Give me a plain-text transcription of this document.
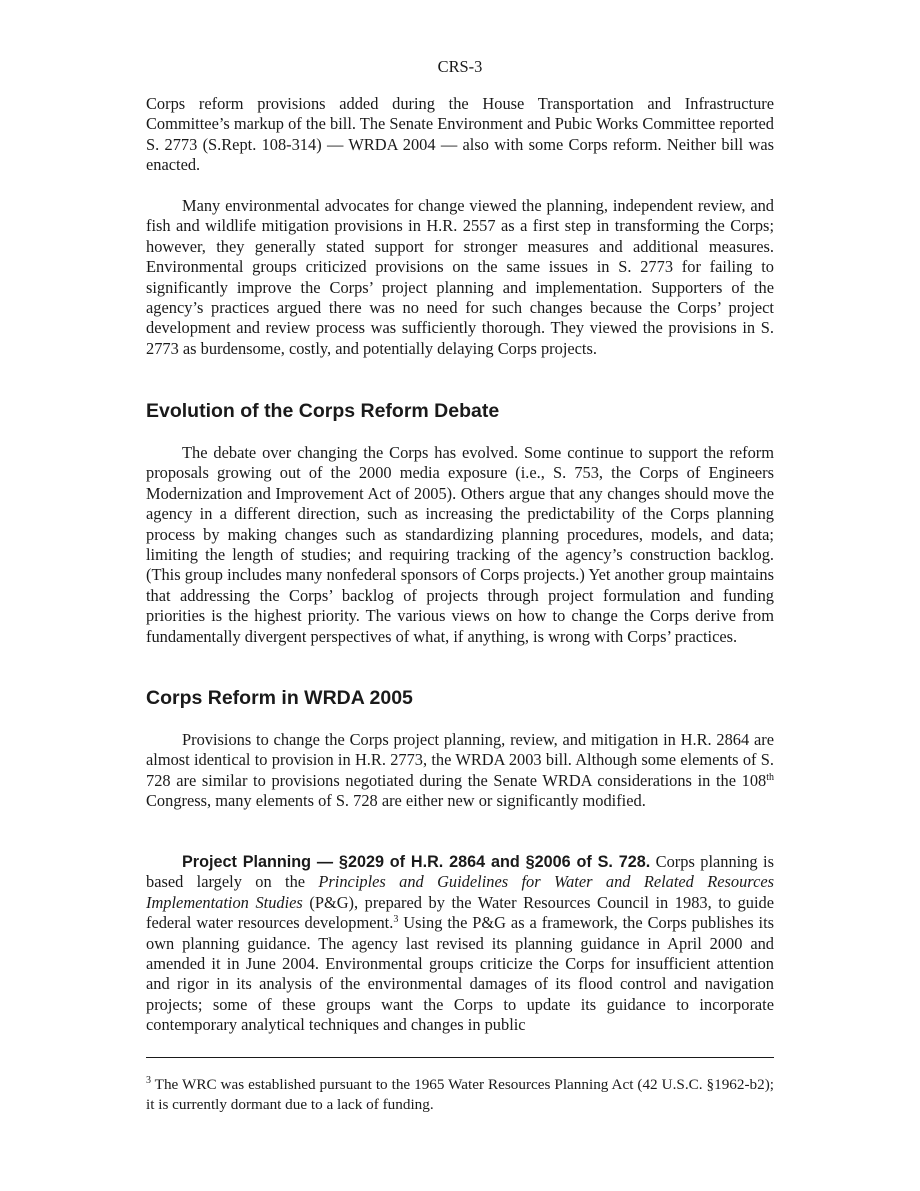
CRS-3

Corps reform provisions added during the House Transportation and Infrastructure Committee’s markup of the bill. The Senate Environment and Pubic Works Committee reported S. 2773 (S.Rept. 108-314) — WRDA 2004 — also with some Corps reform. Neither bill was enacted.

Many environmental advocates for change viewed the planning, independent review, and fish and wildlife mitigation provisions in H.R. 2557 as a first step in transforming the Corps; however, they generally stated support for stronger measures and additional measures. Environmental groups criticized provisions on the same issues in S. 2773 for failing to significantly improve the Corps’ project planning and implementation. Supporters of the agency’s practices argued there was no need for such changes because the Corps’ project development and review process was sufficiently thorough. They viewed the provisions in S. 2773 as burdensome, costly, and potentially delaying Corps projects.

Evolution of the Corps Reform Debate

The debate over changing the Corps has evolved. Some continue to support the reform proposals growing out of the 2000 media exposure (i.e., S. 753, the Corps of Engineers Modernization and Improvement Act of 2005). Others argue that any changes should move the agency in a different direction, such as increasing the predictability of the Corps planning process by making changes such as standardizing planning procedures, models, and data; limiting the length of studies; and requiring tracking of the agency’s construction backlog. (This group includes many nonfederal sponsors of Corps projects.) Yet another group maintains that addressing the Corps’ backlog of projects through project formulation and funding priorities is the highest priority. The various views on how to change the Corps derive from fundamentally divergent perspectives of what, if anything, is wrong with Corps’ practices.

Corps Reform in WRDA 2005

Provisions to change the Corps project planning, review, and mitigation in H.R. 2864 are almost identical to provision in H.R. 2773, the WRDA 2003 bill. Although some elements of S. 728 are similar to provisions negotiated during the Senate WRDA considerations in the 108th Congress, many elements of S. 728 are either new or significantly modified.

Project Planning — §2029 of H.R. 2864 and §2006 of S. 728. Corps planning is based largely on the Principles and Guidelines for Water and Related Resources Implementation Studies (P&G), prepared by the Water Resources Council in 1983, to guide federal water resources development.$^3$ Using the P&G as a framework, the Corps publishes its own planning guidance. The agency last revised its planning guidance in April 2000 and amended it in June 2004. Environmental groups criticize the Corps for insufficient attention and rigor in its analysis of the environmental damages of its flood control and navigation projects; some of these groups want the Corps to update its guidance to incorporate contemporary analytical techniques and changes in public

$^3$ The WRC was established pursuant to the 1965 Water Resources Planning Act (42 U.S.C. §1962-b2); it is currently dormant due to a lack of funding.
